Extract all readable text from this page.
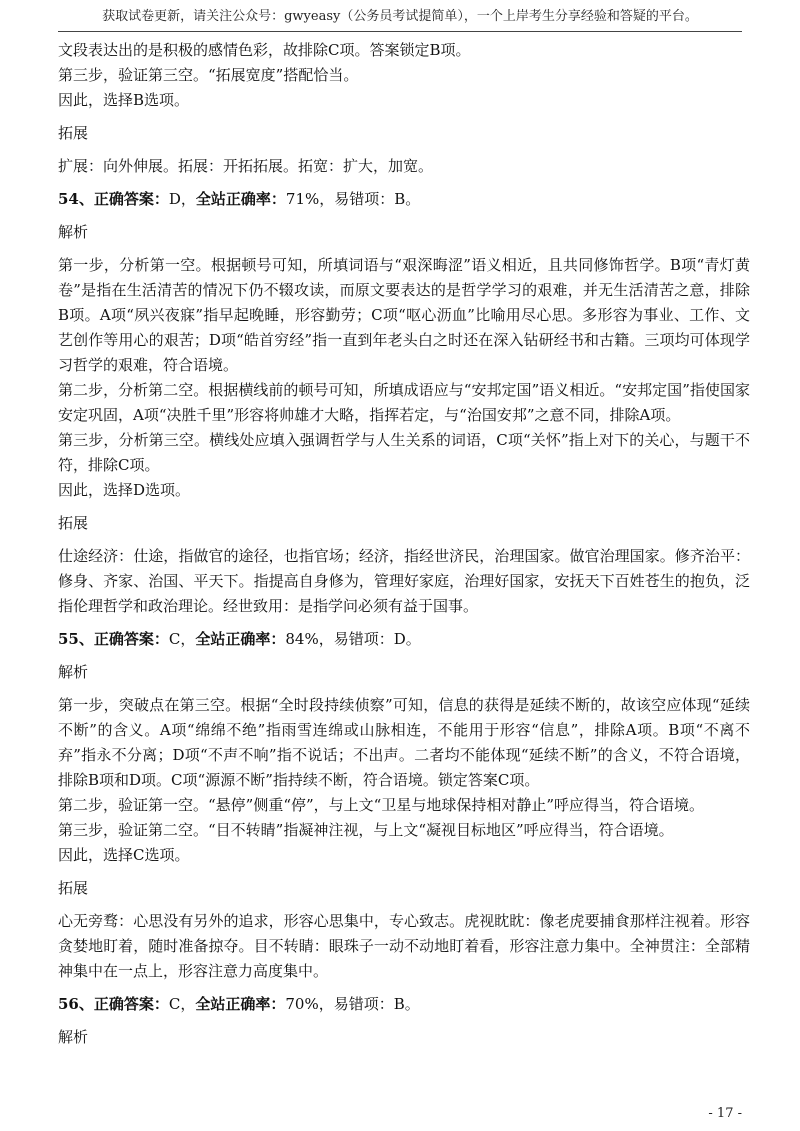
获取试卷更新，请关注公众号：gwyeasy（公务员考试提简单），一个上岸考生分享经验和答疑的平台。

文段表达出的是积极的感情色彩，故排除C项。答案锁定B项。

第三步，验证第三空。“拓展宽度”搭配恰当。

因此，选择B选项。

拓展

扩展：向外伸展。拓展：开拓拓展。拓宽：扩大，加宽。

54、正确答案：D，全站正确率：71%，易错项：B。

解析

第一步，分析第一空。根据顿号可知，所填词语与“艰深晦涩”语义相近，且共同修饰哲学。B项“青灯黄卷”是指在生活清苦的情况下仍不辍攻读，而原文要表达的是哲学学习的艰难，并无生活清苦之意，排除B项。A项“夙兴夜寐”指早起晚睡，形容勤劳；C项“呕心沥血”比喻用尽心思。多形容为事业、工作、文艺创作等用心的艰苦；D项“皓首穷经”指一直到年老头白之时还在深入钻研经书和古籍。三项均可体现学习哲学的艰难，符合语境。

第二步，分析第二空。根据横线前的顿号可知，所填成语应与“安邦定国”语义相近。“安邦定国”指使国家安定巩固，A项“决胜千里”形容将帅雄才大略，指挥若定，与“治国安邦”之意不同，排除A项。

第三步，分析第三空。横线处应填入强调哲学与人生关系的词语，C项“关怀”指上对下的关心，与题干不符，排除C项。

因此，选择D选项。

拓展

仕途经济：仕途，指做官的途径，也指官场；经济，指经世济民，治理国家。做官治理国家。修齐治平：修身、齐家、治国、平天下。指提高自身修为，管理好家庭，治理好国家，安抚天下百姓苍生的抱负，泛指伦理哲学和政治理论。经世致用：是指学问必须有益于国事。

55、正确答案：C，全站正确率：84%，易错项：D。

解析

第一步，突破点在第三空。根据“全时段持续侦察”可知，信息的获得是延续不断的，故该空应体现“延续不断”的含义。A项“绵绵不绝”指雨雪连绵或山脉相连，不能用于形容“信息”，排除A项。B项“不离不弃”指永不分离；D项“不声不响”指不说话；不出声。二者均不能体现“延续不断”的含义，不符合语境，排除B项和D项。C项“源源不断”指持续不断，符合语境。锁定答案C项。

第二步，验证第一空。“悬停”侧重“停”，与上文“卫星与地球保持相对静止”呼应得当，符合语境。

第三步，验证第二空。“目不转睛”指凝神注视，与上文“凝视目标地区”呼应得当，符合语境。

因此，选择C选项。

拓展

心无旁骛：心思没有另外的追求，形容心思集中，专心致志。虎视眈眈：像老虎要捕食那样注视着。形容贪婪地盯着，随时准备掠夺。目不转睛：眼珠子一动不动地盯着看，形容注意力集中。全神贯注：全部精神集中在一点上，形容注意力高度集中。

56、正确答案：C，全站正确率：70%，易错项：B。

解析

- 17 -
